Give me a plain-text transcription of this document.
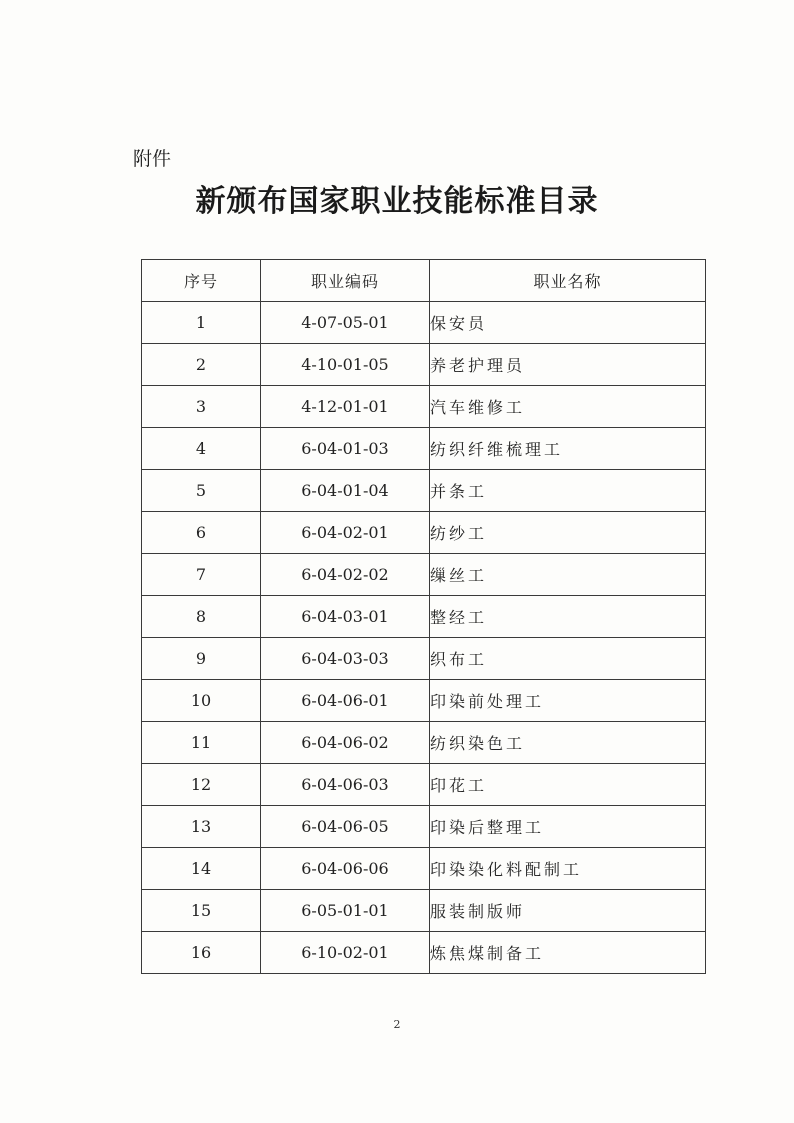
附件
新颁布国家职业技能标准目录
序号	职业编码	职业名称
1	4-07-05-01	保安员
2	4-10-01-05	养老护理员
3	4-12-01-01	汽车维修工
4	6-04-01-03	纺织纤维梳理工
5	6-04-01-04	并条工
6	6-04-02-01	纺纱工
7	6-04-02-02	缫丝工
8	6-04-03-01	整经工
9	6-04-03-03	织布工
10	6-04-06-01	印染前处理工
11	6-04-06-02	纺织染色工
12	6-04-06-03	印花工
13	6-04-06-05	印染后整理工
14	6-04-06-06	印染染化料配制工
15	6-05-01-01	服装制版师
16	6-10-02-01	炼焦煤制备工
2
